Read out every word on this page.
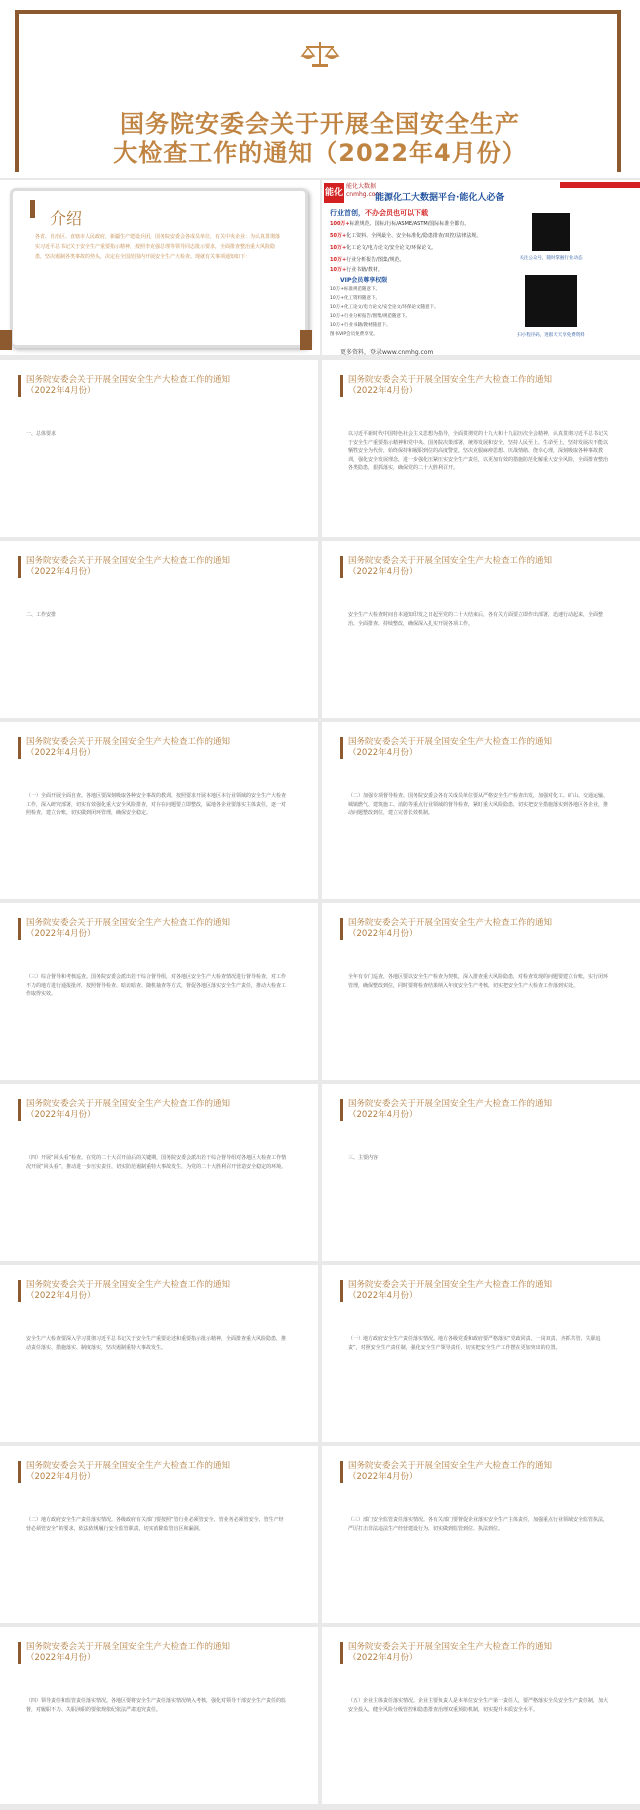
国务院安委会关于开展全国安全生产
大检查工作的通知（2022年4月份）
介绍
各省、自治区、直辖市人民政府，新疆生产建设兵团，国务院安委会各成员单位，有关中央企业：为认真贯彻落实习近平总书记关于安全生产重要指示精神，按照李克强总理等领导同志批示要求，全面排查整治重大风险隐患，坚决遏制各类事故的势头，决定在全国范围内开展安全生产大检查。现就有关事项通知如下：
能化
能化大数据
cnmhg.com
能源化工大数据平台·能化人必备
行业首创，不办会员也可以下载
100万+标准规范、国标/行标/ASME/ASTM/国际标准全都有。
50万+化工资料、全网最全、安全标准化/隐患排查/双控/法律法规。
10万+化工论文/电力论文/安全论文/环保论文。
10万+行业分析报告/图集/规范。
10万+行业书籍/教材。
VIP会员尊享权限
10万+标准规范随意下。
10万+化工资料随意下。
10万+化工论文/电力论文/安全论文/环保论文随意下。
10万+行业分析报告/图集/规范随意下。
10万+行业书籍/教材随意下。
图书VIP会员免费享受。
关注公众号，随时掌握行业动态
扫小程序码，进群天天享免费资料
更多资料，登录www.cnmhg.com
国务院安委会关于开展全国安全生产大检查工作的通知
（2022年4月份）
一、总体要求
国务院安委会关于开展全国安全生产大检查工作的通知
（2022年4月份）
以习近平新时代中国特色社会主义思想为指导，全面贯彻党的十九大和十九届历次全会精神，认真贯彻习近平总书记关于安全生产重要指示精神和党中央、国务院决策部署，统筹发展和安全，坚持人民至上、生命至上，坚持发展决不能以牺牲安全为代价，始终保持和履职到位的高度警觉，坚决克服麻痹思想、厌战情绪、侥幸心理，深刻吸取各种事故教训，强化安全发展理念，进一步强化压紧压实安全生产责任，以更加有效的措施防范化解重大安全风险，全面排查整治各类隐患，狠抓落实，确保党的二十大胜利召开。
国务院安委会关于开展全国安全生产大检查工作的通知
（2022年4月份）
二、工作安排
国务院安委会关于开展全国安全生产大检查工作的通知
（2022年4月份）
安全生产大检查时间自本通知印发之日起至党的二十大结束后，各有关方面要立即作出部署，迅速行动起来，全面整治、全面排查、持续整改，确保深入扎实开展各项工作。
国务院安委会关于开展全国安全生产大检查工作的通知
（2022年4月份）
（一）全面开展全面自查。各地区要深刻吸取各种安全事故的教训，按照要求开展本地区本行业领域的安全生产大检查工作，深入研究部署，切实有效强化重大安全风险排查，对存在问题要立即整改，属地各企业要落实主体责任，逐一对照检查，建立台账，切实做到闭环管理，确保安全稳定。
国务院安委会关于开展全国安全生产大检查工作的通知
（2022年4月份）
（二）加强专项督导检查。国务院安委会各有关成员单位要从严格安全生产检查出发，加强对化工、矿山、交通运输、城镇燃气、建筑施工、消防等重点行业领域的督导检查，紧盯重大风险隐患，切实把安全措施落实到各地区各企业，推动问题整改到位，建立完善长效机制。
国务院安委会关于开展全国安全生产大检查工作的通知
（2022年4月份）
（三）综合督导和考核巡查。国务院安委会派出若干综合督导组，对各地区安全生产大检查情况进行督导检查，对工作不力的地方进行通报批评，按照督导检查、暗访暗查、随机抽查等方式，督促各地区落实安全生产责任，推动大检查工作取得实效。
国务院安委会关于开展全国安全生产大检查工作的通知
（2022年4月份）
全年有专门巡查，各地区要以安全生产检查为契机，深入排查重大风险隐患，对检查发现的问题要建立台账，实行闭环管理，确保整改到位，同时要将检查结果纳入年度安全生产考核，切实把安全生产大检查工作落到实处。
国务院安委会关于开展全国安全生产大检查工作的通知
（2022年4月份）
（四）开展“回头看”检查。在党的二十大召开前后的关键期，国务院安委会派出若干综合督导组对各地区大检查工作情况开展“回头看”，推动进一步压实责任，切实防范遏制重特大事故发生，为党的二十大胜利召开营造安全稳定的环境。
国务院安委会关于开展全国安全生产大检查工作的通知
（2022年4月份）
三、主要内容
国务院安委会关于开展全国安全生产大检查工作的通知
（2022年4月份）
安全生产大检查要深入学习贯彻习近平总书记关于安全生产重要论述和重要指示批示精神，全面排查重大风险隐患，推动责任落实、措施落实、制度落实，坚决遏制重特大事故发生。
国务院安委会关于开展全国安全生产大检查工作的通知
（2022年4月份）
（一）地方政府安全生产责任落实情况。地方各级党委和政府要严格落实“党政同责、一岗双责、齐抓共管、失职追责”，对照安全生产责任制，强化安全生产领导责任，切实把安全生产工作摆在更加突出的位置。
国务院安委会关于开展全国安全生产大检查工作的通知
（2022年4月份）
（二）地方政府安全生产责任落实情况。各级政府有关部门要按照“管行业必须管安全、管业务必须管安全、管生产经营必须管安全”的要求，依法依规履行安全监管职责，切实消除监管盲区和漏洞。
国务院安委会关于开展全国安全生产大检查工作的通知
（2022年4月份）
（三）部门安全监管责任落实情况。各有关部门要督促企业落实安全生产主体责任，加强重点行业领域安全监管执法，严厉打击非法违法生产经营建设行为，切实做到监管到位、执法到位。
国务院安委会关于开展全国安全生产大检查工作的通知
（2022年4月份）
（四）领导责任和监管责任落实情况。各地区要将安全生产责任落实情况纳入考核，强化对领导干部安全生产责任的监督，对履职不力、失职渎职的要依规依纪依法严肃追究责任。
国务院安委会关于开展全国安全生产大检查工作的通知
（2022年4月份）
（五）企业主体责任落实情况。企业主要负责人是本单位安全生产第一责任人，要严格落实全员安全生产责任制，加大安全投入，健全风险分级管控和隐患排查治理双重预防机制，切实提升本质安全水平。
